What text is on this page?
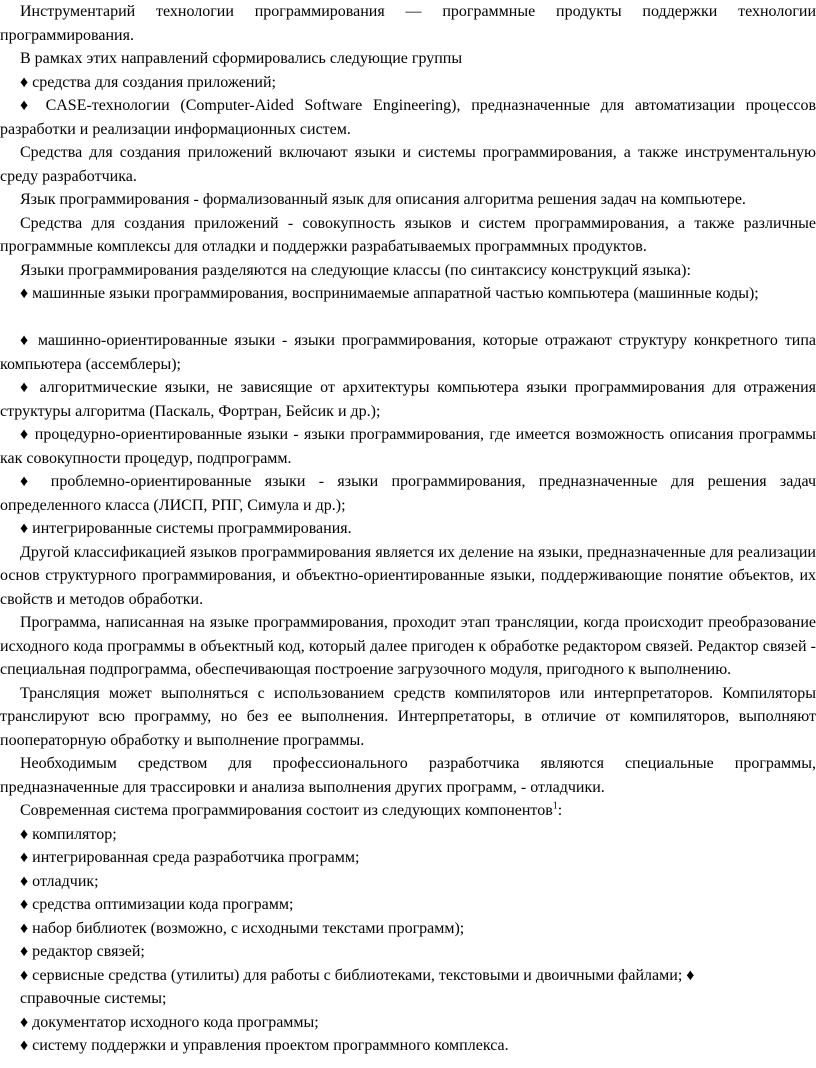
Инструментарий технологии программирования — программные продукты поддержки технологии программирования.

В рамках этих направлений сформировались следующие группы

♦ средства для создания приложений;

♦ CASE-технологии (Computer-Aided Software Engineering), предназначенные для автоматизации процессов разработки и реализации информационных систем.

Средства для создания приложений включают языки и системы программирования, а также инструментальную среду разработчика.

Язык программирования - формализованный язык для описания алгоритма решения задач на компьютере.

Средства для создания приложений - совокупность языков и систем программирования, а также различные программные комплексы для отладки и поддержки разрабатываемых программных продуктов.

Языки программирования разделяются на следующие классы (по синтаксису конструкций языка):

♦ машинные языки программирования, воспринимаемые аппаратной частью компьютера (машинные коды);

♦ машинно-ориентированные языки - языки программирования, которые отражают структуру конкретного типа компьютера (ассемблеры);

♦ алгоритмические языки, не зависящие от архитектуры компьютера языки программирования для отражения структуры алгоритма (Паскаль, Фортран, Бейсик и др.);

♦ процедурно-ориентированные языки - языки программирования, где имеется возможность описания программы как совокупности процедур, подпрограмм.

♦ проблемно-ориентированные языки - языки программирования, предназначенные для решения задач определенного класса (ЛИСП, РПГ, Симула и др.);

♦ интегрированные системы программирования.

Другой классификацией языков программирования является их деление на языки, предназначенные для реализации основ структурного программирования, и объектно-ориентированные языки, поддерживающие понятие объектов, их свойств и методов обработки.

Программа, написанная на языке программирования, проходит этап трансляции, когда происходит преобразование исходного кода программы в объектный код, который далее пригоден к обработке редактором связей. Редактор связей - специальная подпрограмма, обеспечивающая построение загрузочного модуля, пригодного к выполнению.

Трансляция может выполняться с использованием средств компиляторов или интерпретаторов. Компиляторы транслируют всю программу, но без ее выполнения. Интерпретаторы, в отличие от компиляторов, выполняют пооператорную обработку и выполнение программы.

Необходимым средством для профессионального разработчика являются специальные программы, предназначенные для трассировки и анализа выполнения других программ, - отладчики.

Современная система программирования состоит из следующих компонентов$^1$:

♦ компилятор;
♦ интегрированная среда разработчика программ;
♦ отладчик;
♦ средства оптимизации кода программ;
♦ набор библиотек (возможно, с исходными текстами программ);
♦ редактор связей;
♦ сервисные средства (утилиты) для работы с библиотеками, текстовыми и двоичными файлами; ♦
справочные системы;
♦ документатор исходного кода программы;
♦ систему поддержки и управления проектом программного комплекса.
